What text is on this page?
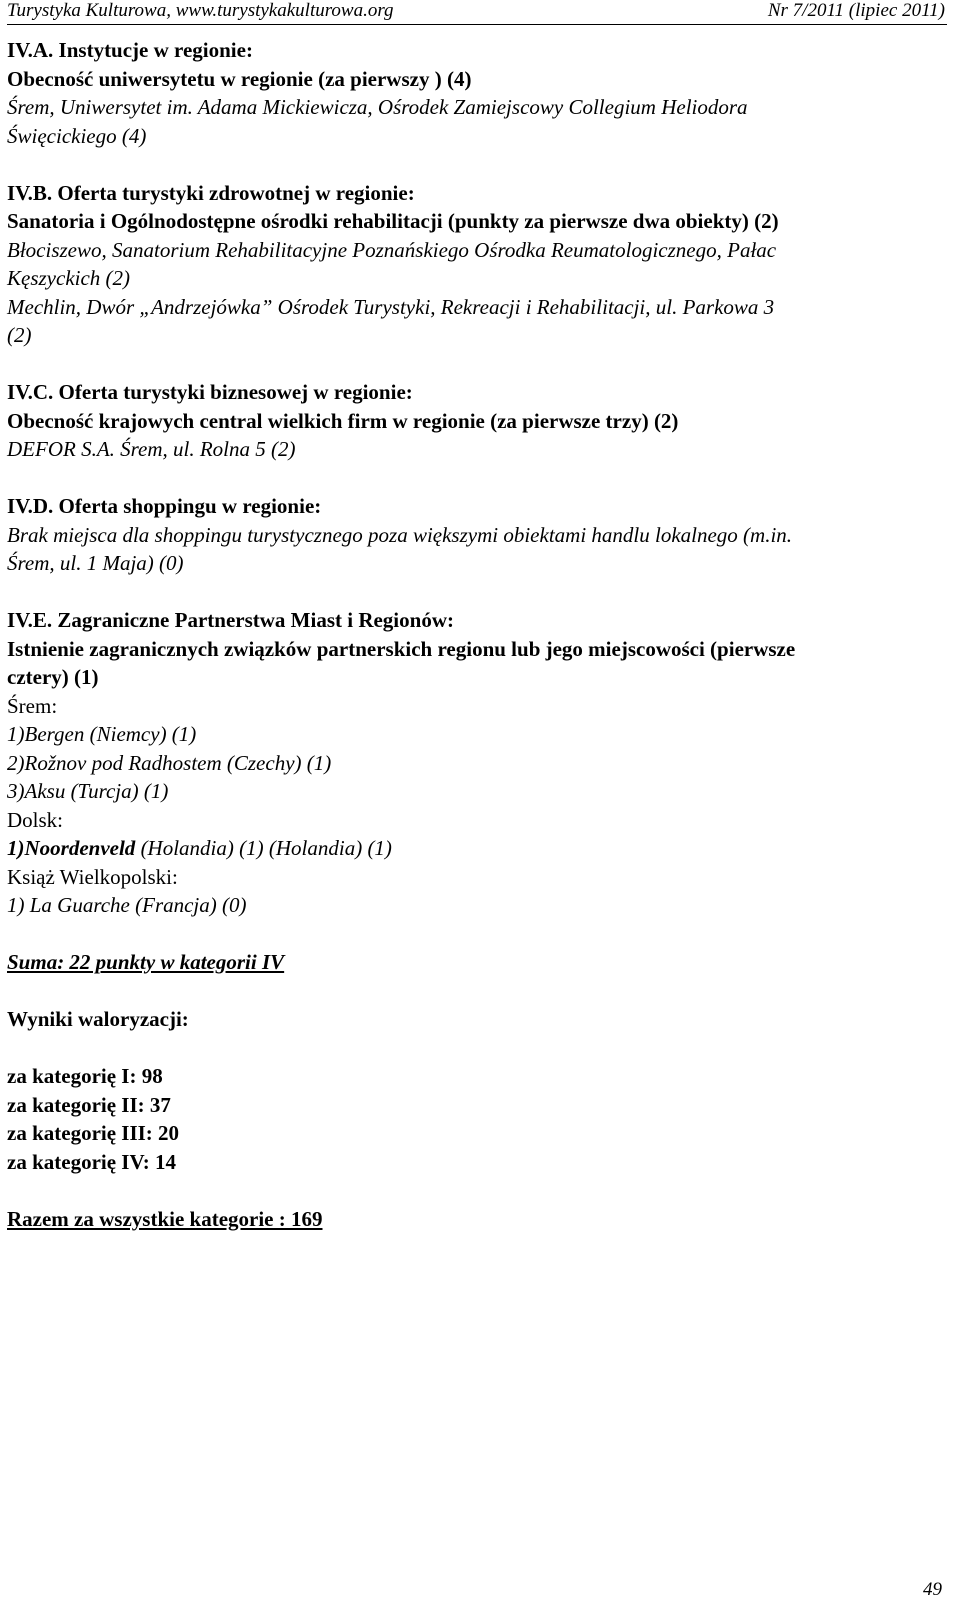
Turystyka Kulturowa, www.turystykakulturowa.org	Nr 7/2011 (lipiec 2011)

IV.A. Instytucje w regionie:

Obecność uniwersytetu w regionie (za pierwszy ) (4)

Śrem, Uniwersytet im. Adama Mickiewicza, Ośrodek Zamiejscowy Collegium Heliodora

Święcickiego (4)

IV.B. Oferta turystyki zdrowotnej w regionie:

Sanatoria i Ogólnodostępne ośrodki rehabilitacji (punkty za pierwsze dwa obiekty) (2)

Błociszewo, Sanatorium Rehabilitacyjne Poznańskiego Ośrodka Reumatologicznego, Pałac

Kęszyckich (2)

Mechlin, Dwór „Andrzejówka” Ośrodek Turystyki, Rekreacji i Rehabilitacji, ul. Parkowa 3

(2)

IV.C. Oferta turystyki biznesowej w regionie:

Obecność krajowych central wielkich firm w regionie (za pierwsze trzy) (2)

DEFOR S.A. Śrem, ul. Rolna 5 (2)

IV.D. Oferta shoppingu w regionie:

Brak miejsca dla shoppingu turystycznego poza większymi obiektami handlu lokalnego (m.in.

Śrem, ul. 1 Maja) (0)

IV.E. Zagraniczne Partnerstwa Miast i Regionów:

Istnienie zagranicznych związków partnerskich regionu lub jego miejscowości (pierwsze

cztery) (1)

Śrem:

1)Bergen (Niemcy) (1)

2)Rožnov pod Radhostem (Czechy) (1)

3)Aksu (Turcja) (1)

Dolsk:

1)Noordenveld (Holandia) (1) (Holandia) (1)

Książ Wielkopolski:

1) La Guarche (Francja) (0)

Suma: 22 punkty w kategorii IV

Wyniki waloryzacji:

za kategorię I: 98

za kategorię II: 37

za kategorię III: 20

za kategorię IV: 14

Razem za wszystkie kategorie : 169

49
